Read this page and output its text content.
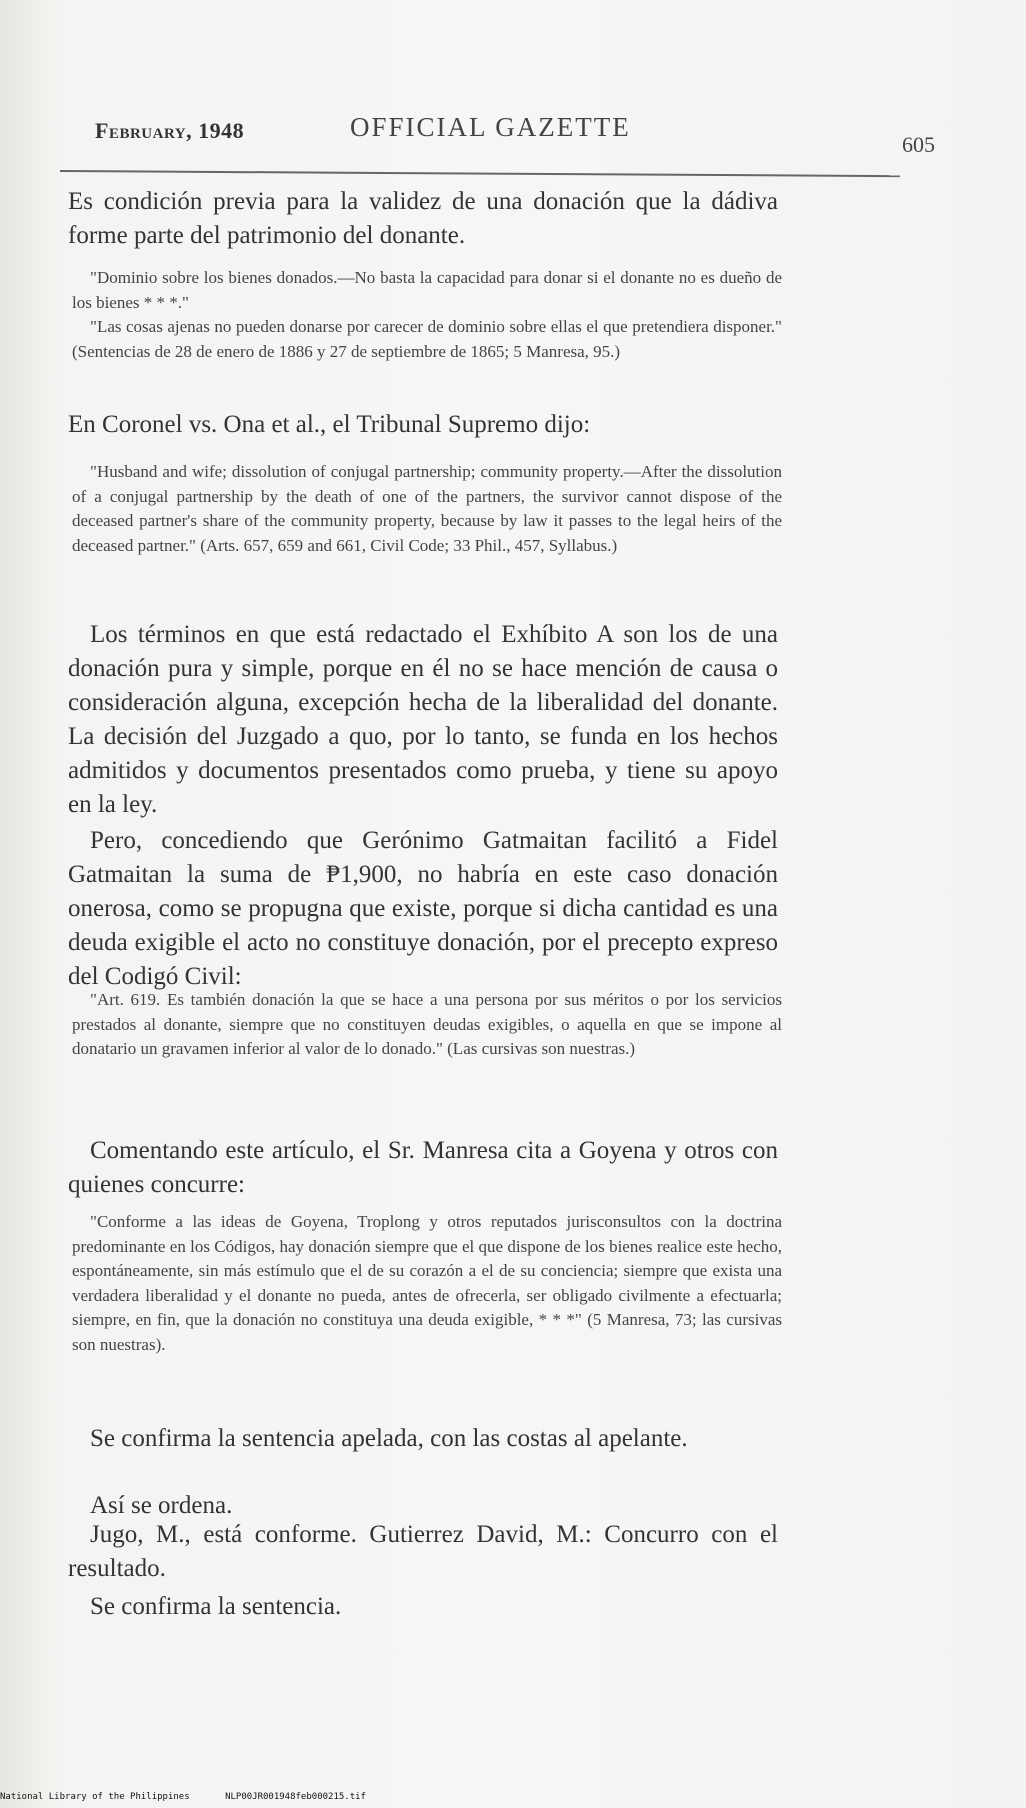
February, 1948	OFFICIAL GAZETTE
605
Es condición previa para la validez de una donación que la dádiva forme parte del patrimonio del donante.

"Dominio sobre los bienes donados.—No basta la capacidad para donar si el donante no es dueño de los bienes * * *."

"Las cosas ajenas no pueden donarse por carecer de dominio sobre ellas el que pretendiera disponer." (Sentencias de 28 de enero de 1886 y 27 de septiembre de 1865; 5 Manresa, 95.)

En Coronel vs. Ona et al., el Tribunal Supremo dijo:

"Husband and wife; dissolution of conjugal partnership; community property.—After the dissolution of a conjugal partnership by the death of one of the partners, the survivor cannot dispose of the deceased partner's share of the community property, because by law it passes to the legal heirs of the deceased partner." (Arts. 657, 659 and 661, Civil Code; 33 Phil., 457, Syllabus.)

Los términos en que está redactado el Exhíbito A son los de una donación pura y simple, porque en él no se hace mención de causa o consideración alguna, excepción hecha de la liberalidad del donante. La decisión del Juzgado a quo, por lo tanto, se funda en los hechos admitidos y documentos presentados como prueba, y tiene su apoyo en la ley.
Pero, concediendo que Gerónimo Gatmaitan facilitó a Fidel Gatmaitan la suma de ₱1,900, no habría en este caso donación onerosa, como se propugna que existe, porque si dicha cantidad es una deuda exigible el acto no constituye donación, por el precepto expreso del Codigó Civil:

"Art. 619. Es también donación la que se hace a una persona por sus méritos o por los servicios prestados al donante, siempre que no constituyen deudas exigibles, o aquella en que se impone al donatario un gravamen inferior al valor de lo donado." (Las cursivas son nuestras.)

Comentando este artículo, el Sr. Manresa cita a Goyena y otros con quienes concurre:

"Conforme a las ideas de Goyena, Troplong y otros reputados jurisconsultos con la doctrina predominante en los Códigos, hay donación siempre que el que dispone de los bienes realice este hecho, espontáneamente, sin más estímulo que el de su corazón a el de su conciencia; siempre que exista una verdadera liberalidad y el donante no pueda, antes de ofrecerla, ser obligado civilmente a efectuarla; siempre, en fin, que la donación no constituya una deuda exigible, * * *" (5 Manresa, 73; las cursivas son nuestras).

Se confirma la sentencia apelada, con las costas al apelante.
Así se ordena.
Jugo, M., está conforme. Gutierrez David, M.: Concurro con el resultado.
Se confirma la sentencia.
National Library of the Philippines	NLP00JR001948feb000215.tif
